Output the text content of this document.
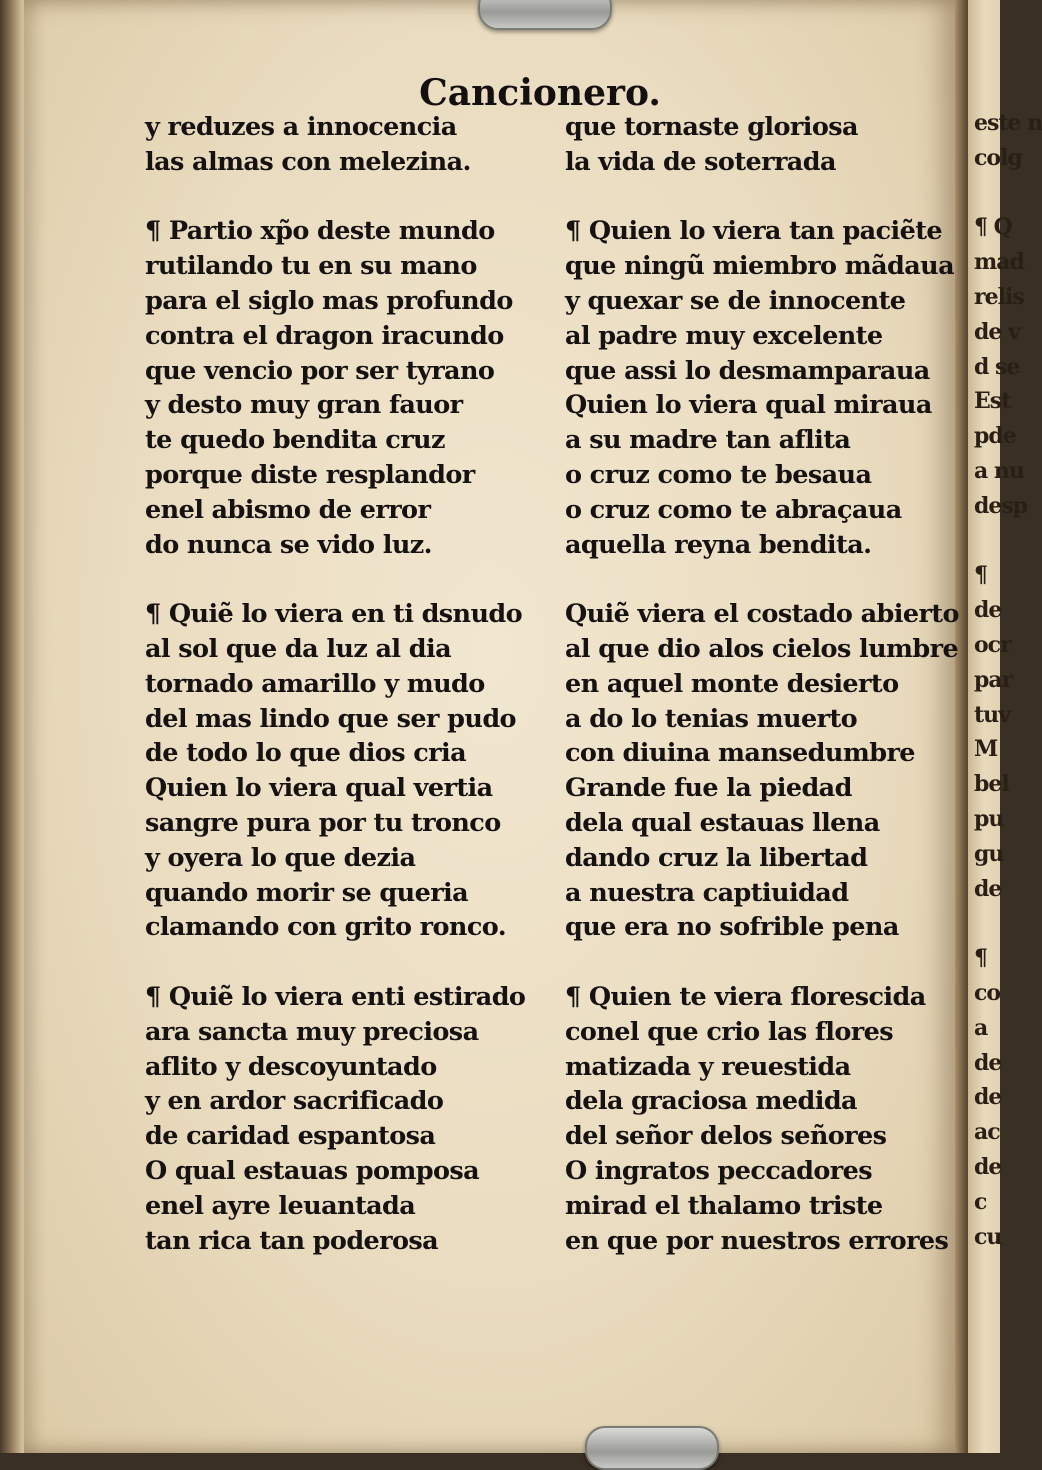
este n
colg
¶ Q
mad
relis
de v
d se
Est
pde
a nu
desp
¶
de
ocr
par
tuv
M
bel
pu
gu
de
¶
co
a
de
de
ac
de
c
cu
Cancionero.
y reduzes a innocencia
las almas con melezina.
¶ Partio xp̃o deste mundo
rutilando tu en su mano
para el siglo mas profundo
contra el dragon iracundo
que vencio por ser tyrano
y desto muy gran fauor
te quedo bendita cruz
porque diste resplandor
enel abismo de error
do nunca se vido luz.
¶ Quiẽ lo viera en ti dsnudo
al sol que da luz al dia
tornado amarillo y mudo
del mas lindo que ser pudo
de todo lo que dios cria
Quien lo viera qual vertia
sangre pura por tu tronco
y oyera lo que dezia
quando morir se queria
clamando con grito ronco.
¶ Quiẽ lo viera enti estirado
ara sancta muy preciosa
aflito y descoyuntado
y en ardor sacrificado
de caridad espantosa
O qual estauas pomposa
enel ayre leuantada
tan rica tan poderosa
que tornaste gloriosa
la vida de soterrada
¶ Quien lo viera tan paciẽte
que ningũ miembro mãdaua
y quexar se de innocente
al padre muy excelente
que assi lo desmamparaua
Quien lo viera qual miraua
a su madre tan aflita
o cruz como te besaua
o cruz como te abraçaua
aquella reyna bendita.
Quiẽ viera el costado abierto
al que dio alos cielos lumbre
en aquel monte desierto
a do lo tenias muerto
con diuina mansedumbre
Grande fue la piedad
dela qual estauas llena
dando cruz la libertad
a nuestra captiuidad
que era no sofrible pena
¶ Quien te viera florescida
conel que crio las flores
matizada y reuestida
dela graciosa medida
del señor delos señores
O ingratos peccadores
mirad el thalamo triste
en que por nuestros errores
